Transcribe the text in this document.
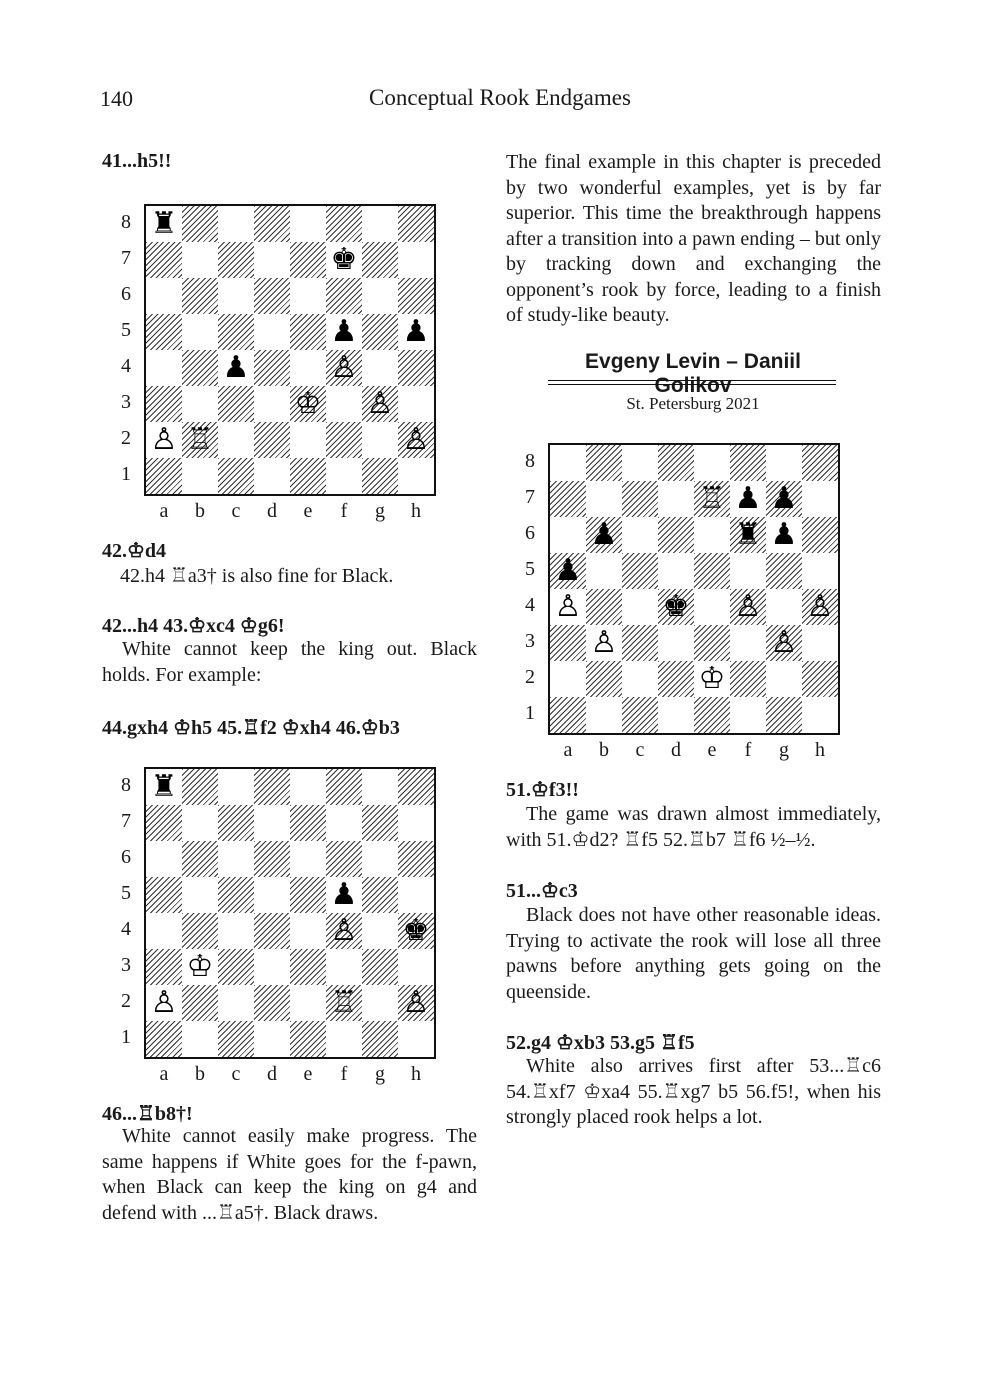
140	Conceptual Rook Endgames
41...h5!!
♜
♚
♟ ♟
♟	♙
♔ ♙
♙ ♖	♙
8
7
6
5
4
3
2
1
a	b	c	d	e	f	g	h
42.♔d4
42.h4 ♖a3† is also fine for Black.
42...h4 43.♔xc4 ♔g6!

White cannot keep the king out. Black holds. For example:

44.gxh4 ♔h5 45.♖f2 ♔xh4 46.♔b3
♜
♟
♙ ♚
♔
♙	♖ ♙
8
7
6
5
4
3
2
1
a	b	c	d	e	f	g	h
46...♖b8†!

White cannot easily make progress. The same happens if White goes for the f-pawn, when Black can keep the king on g4 and defend with ...♖a5†. Black draws.

The final example in this chapter is preceded by two wonderful examples, yet is by far superior. This time the breakthrough happens after a transition into a pawn ending – but only by tracking down and exchanging the opponent’s rook by force, leading to a finish of study-like beauty.

Evgeny Levin – Daniil Golikov
St. Petersburg 2021
♖ ♟ ♟
♟	♜ ♟
♟
♙	♚ ♙ ♙
♙	♙
♔
8
7
6
5
4
3
2
1
a	b	c	d	e	f	g	h
51.♔f3!!

The game was drawn almost immediately, with 51.♔d2? ♖f5 52.♖b7 ♖f6 ½–½.

51...♔c3

Black does not have other reasonable ideas. Trying to activate the rook will lose all three pawns before anything gets going on the queenside.

52.g4 ♔xb3 53.g5 ♖f5

White also arrives first after 53...♖c6 54.♖xf7 ♔xa4 55.♖xg7 b5 56.f5!, when his strongly placed rook helps a lot.
